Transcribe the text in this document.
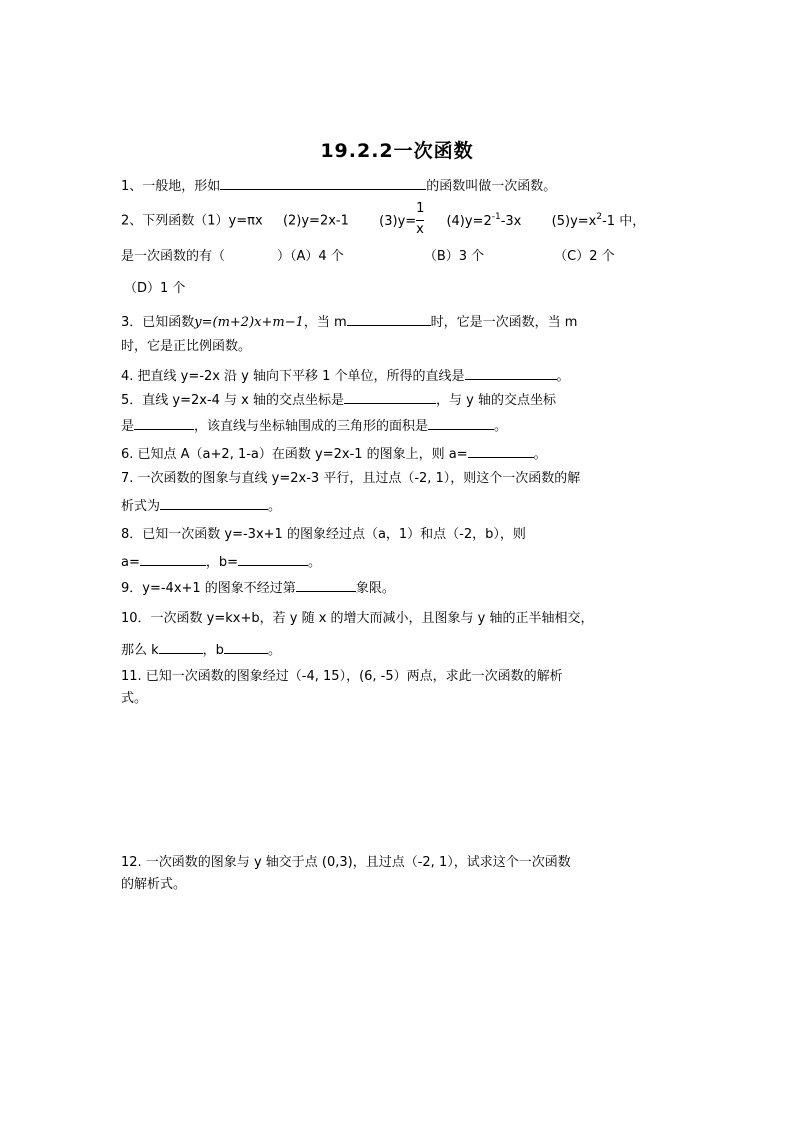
19.2.2一次函数
1、一般地，形如	的函数叫做一次函数。
2、下列函数（1）y=πx (2)y=2x-1 $(3)y= \frac{1}{x} (4)y=2^{-1}-3x$ $(5)y=x^2-1$ 中，
是一次函数的有（	）（A）4 个	（B）3 个	（C）2 个
（D）1 个
3．已知函数y=(m+2)x+m−1，当 m	时，它是一次函数，当 m
时，它是正比例函数。
4. 把直线 y=-2x 沿 y 轴向下平移 1 个单位，所得的直线是	。
5．直线 y=2x-4 与 x 轴的交点坐标是	，与 y 轴的交点坐标
是	，该直线与坐标轴围成的三角形的面积是	。
6. 已知点 A（a+2, 1-a）在函数 y=2x-1 的图象上，则 a=	。
7. 一次函数的图象与直线 y=2x-3 平行，且过点（-2, 1），则这个一次函数的解
析式为	。
8．已知一次函数 y=-3x+1 的图象经过点（a，1）和点（-2，b），则
a=	，b=	。
9．y=-4x+1 的图象不经过第	象限。
10．一次函数 y=kx+b，若 y 随 x 的增大而减小，且图象与 y 轴的正半轴相交，
那么 k	，b	。
11. 已知一次函数的图象经过（-4, 15），(6, -5）两点，求此一次函数的解析
式。
12. 一次函数的图象与 y 轴交于点 (0,3)，且过点（-2, 1），试求这个一次函数
的解析式。
